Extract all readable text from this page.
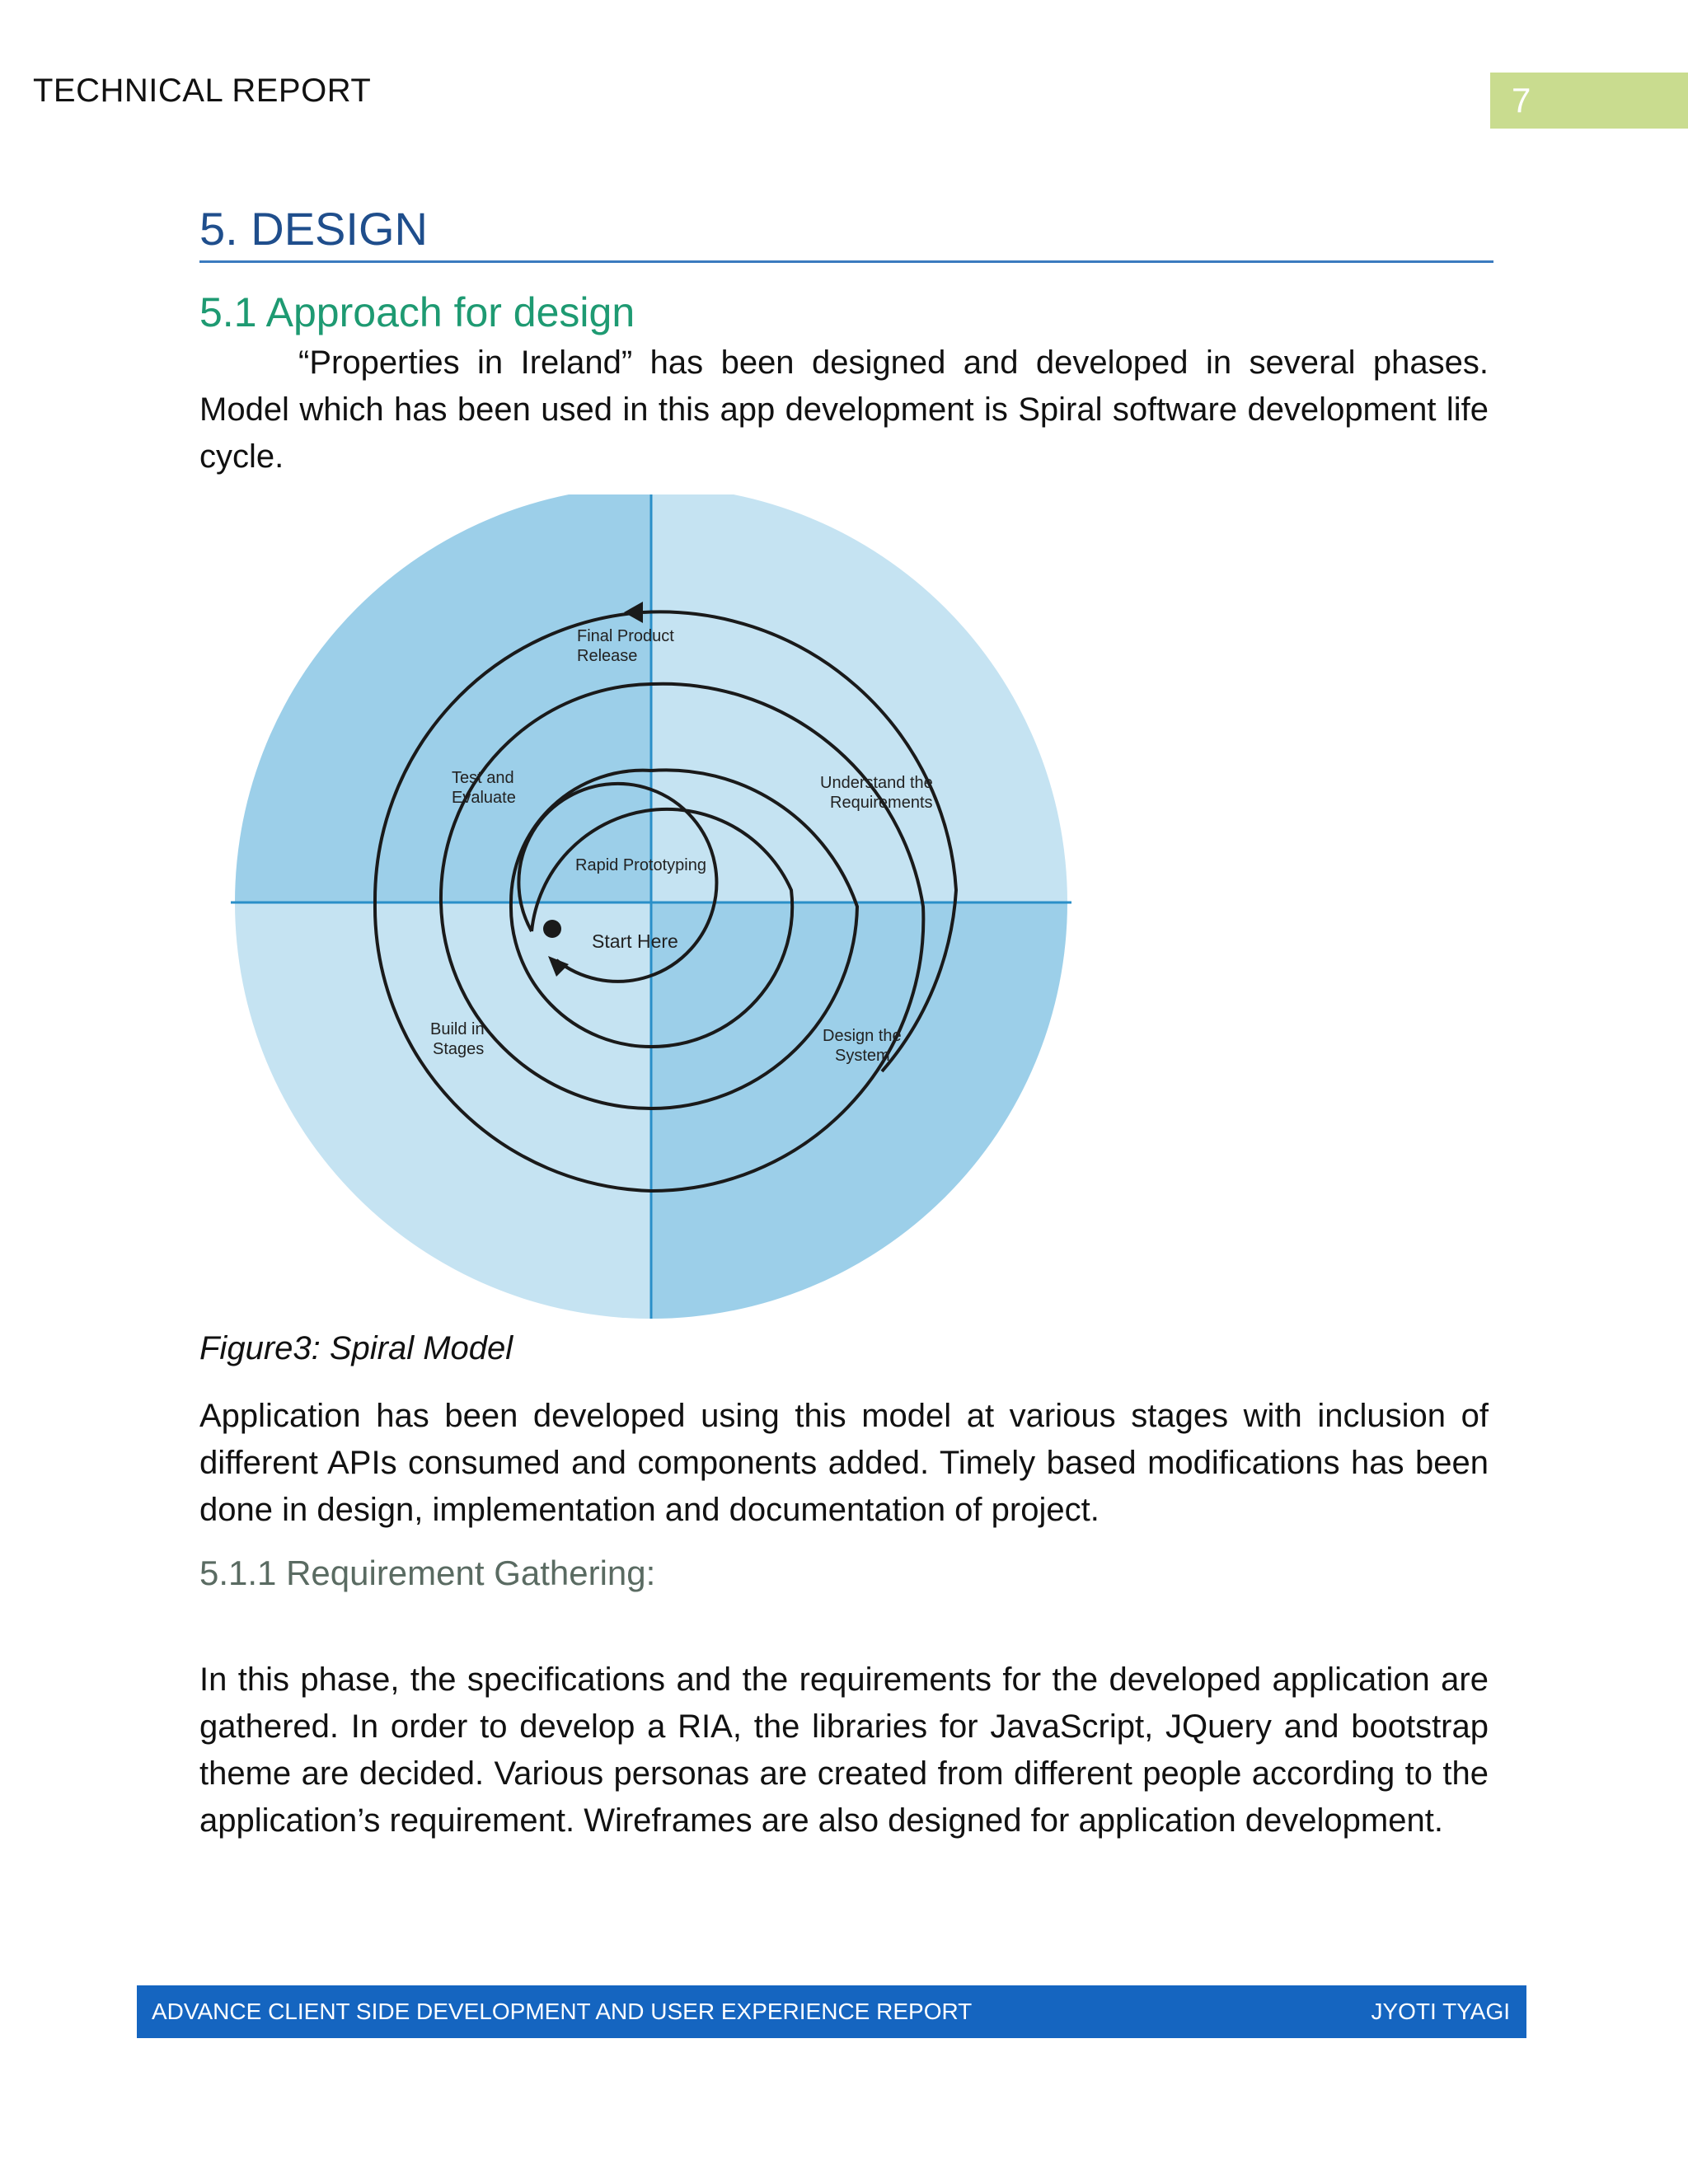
TECHNICAL REPORT	7
5. DESIGN
5.1 Approach for design
“Properties in Ireland” has been designed and developed in several phases. Model which has been used in this app development is Spiral software development life cycle.
Final Product
Release
Test and
Evaluate
Understand the
Requirements
Rapid Prototyping
Start Here
Build in
Stages
Design the
System
Figure3: Spiral Model
Application has been developed using this model at various stages with inclusion of different APIs consumed and components added. Timely based modifications has been done in design, implementation and documentation of project.
5.1.1 Requirement Gathering:
In this phase, the specifications and the requirements for the developed application are gathered. In order to develop a RIA, the libraries for JavaScript, JQuery and bootstrap theme are decided. Various personas are created from different people according to the application’s requirement. Wireframes are also designed for application development.
ADVANCE CLIENT SIDE DEVELOPMENT AND USER EXPERIENCE REPORT	JYOTI TYAGI
